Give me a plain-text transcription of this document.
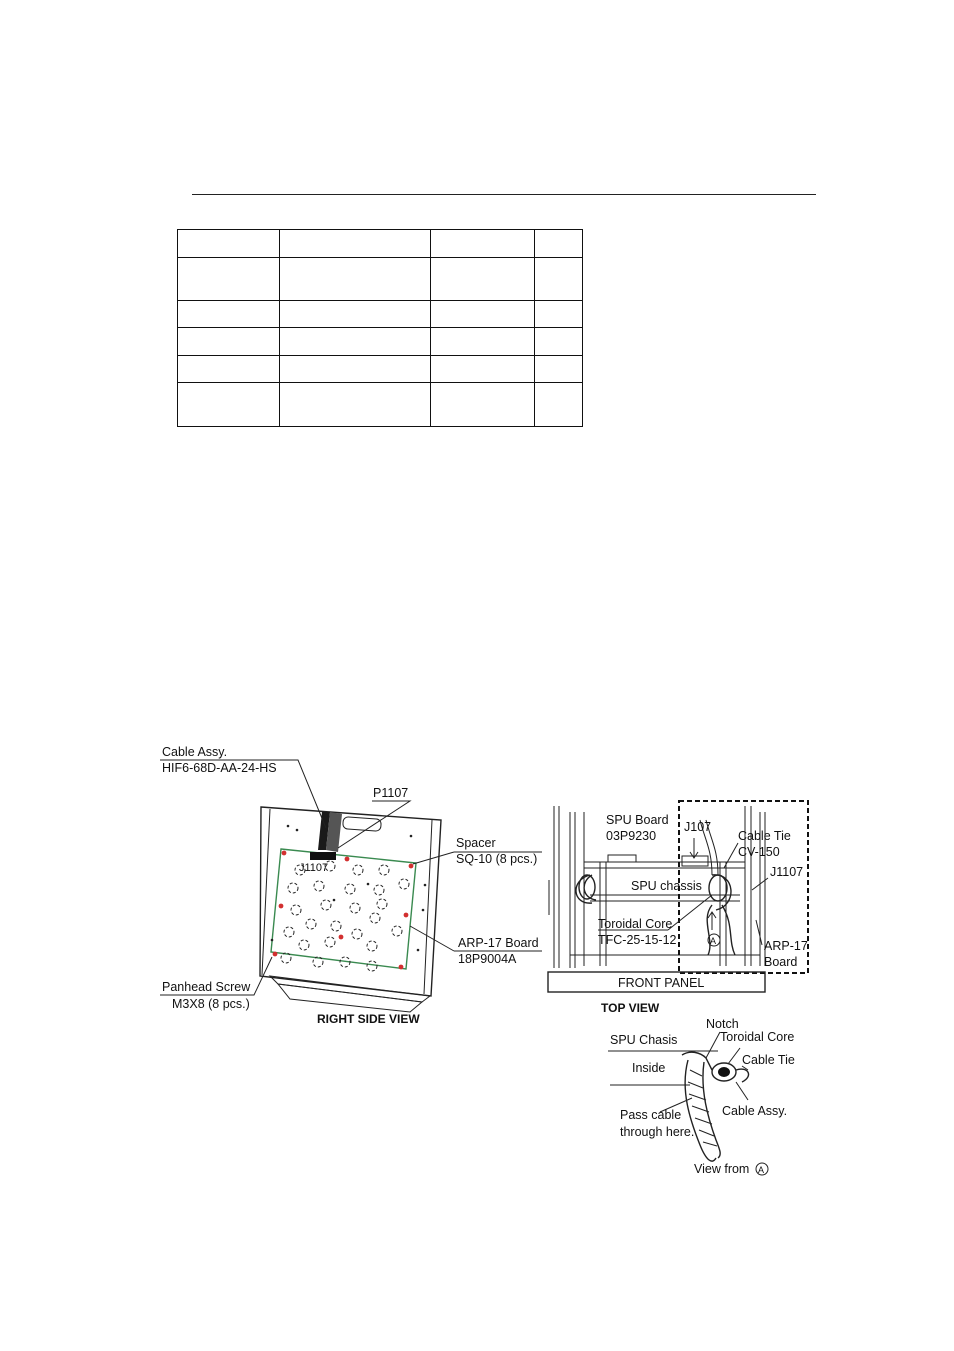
Cable Assy.
HIF6-68D-AA-24-HS
P1107
J1107
Spacer
SQ-10 (8 pcs.)
ARP-17 Board
18P9004A
Panhead Screw
M3X8 (8 pcs.)
RIGHT SIDE VIEW
SPU Board
03P9230
J107
Cable Tie
CV-150
J1107
SPU chassis
Toroidal Core
TFC-25-15-12	A	ARP-17
Board
FRONT PANEL
TOP VIEW
Notch
Toroidal Core
SPU Chasis
Cable Tie
Inside
Cable Assy.
Pass cable
through here.
View from A
